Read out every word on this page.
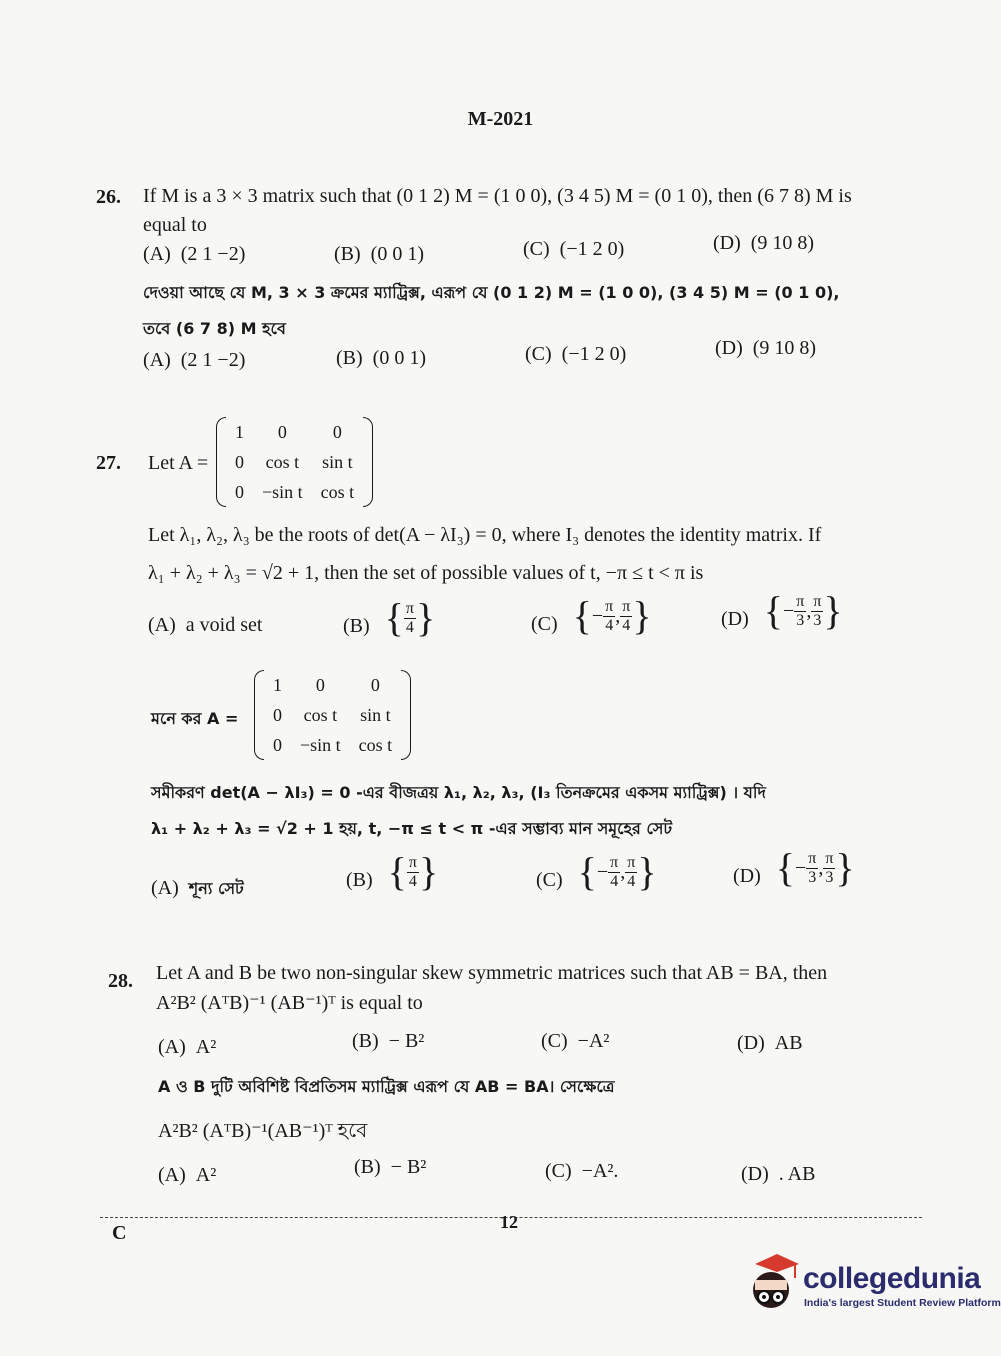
M-2021
26. If M is a 3 × 3 matrix such that (0 1 2) M = (1 0 0), (3 4 5) M = (0 1 0), then (6 7 8) M is
equal to
(A) (2 1 −2)	(B) (0 0 1)	(C) (−1 2 0)	(D) (9 10 8)
দেওয়া আছে যে M, 3 × 3 ক্রমের ম্যাট্রিক্স, এরূপ যে (0 1 2) M = (1 0 0), (3 4 5) M = (0 1 0),
তবে (6 7 8) M হবে
(A) (2 1 −2)	(B) (0 0 1)	(C) (−1 2 0)	(D) (9 10 8)
27. Let A =
1	0	0
0	cos t	sin t
0	−sin t	cos t
Let λ₁, λ₂, λ₃ be the roots of det(A − λI₃) = 0, where I₃ denotes the identity matrix. If
λ₁ + λ₂ + λ₃ = √2 + 1, then the set of possible values of t, −π ≤ t < π is
(A) a void set	(B) { $\frac{\pi}{4}$ }	(C) { − $\frac{\pi}{4}$ , $\frac{\pi}{4}$ }	(D) { − $\frac{\pi}{3}$ , $\frac{\pi}{3}$ }
মনে কর A =
1	0	0
0	cos t	sin t
0	−sin t	cos t
সমীকরণ det(A − λI₃) = 0 -এর বীজত্রয় λ₁, λ₂, λ₃, (I₃ তিনক্রমের একসম ম্যাট্রিক্স) । যদি
λ₁ + λ₂ + λ₃ = √2 + 1 হয়, t, −π ≤ t < π -এর সম্ভাব্য মান সমূহের সেট
(A) শূন্য সেট	(B) { $\frac{\pi}{4}$ }	(C) { − $\frac{\pi}{4}$ , $\frac{\pi}{4}$ }	(D) { − $\frac{\pi}{3}$ , $\frac{\pi}{3}$ }
28. Let A and B be two non-singular skew symmetric matrices such that AB = BA, then
A²B² (AᵀB)⁻¹ (AB⁻¹)ᵀ is equal to
(A) A²	(B) − B²	(C) −A²	(D) AB
A ও B দুটি অবিশিষ্ট বিপ্রতিসম ম্যাট্রিক্স এরূপ যে AB = BA। সেক্ষেত্রে
A²B² (AᵀB)⁻¹(AB⁻¹)ᵀ হবে
(A) A²	(B) − B²	(C) −A².	(D) . AB
C	12
collegedunia
India's largest Student Review Platform
